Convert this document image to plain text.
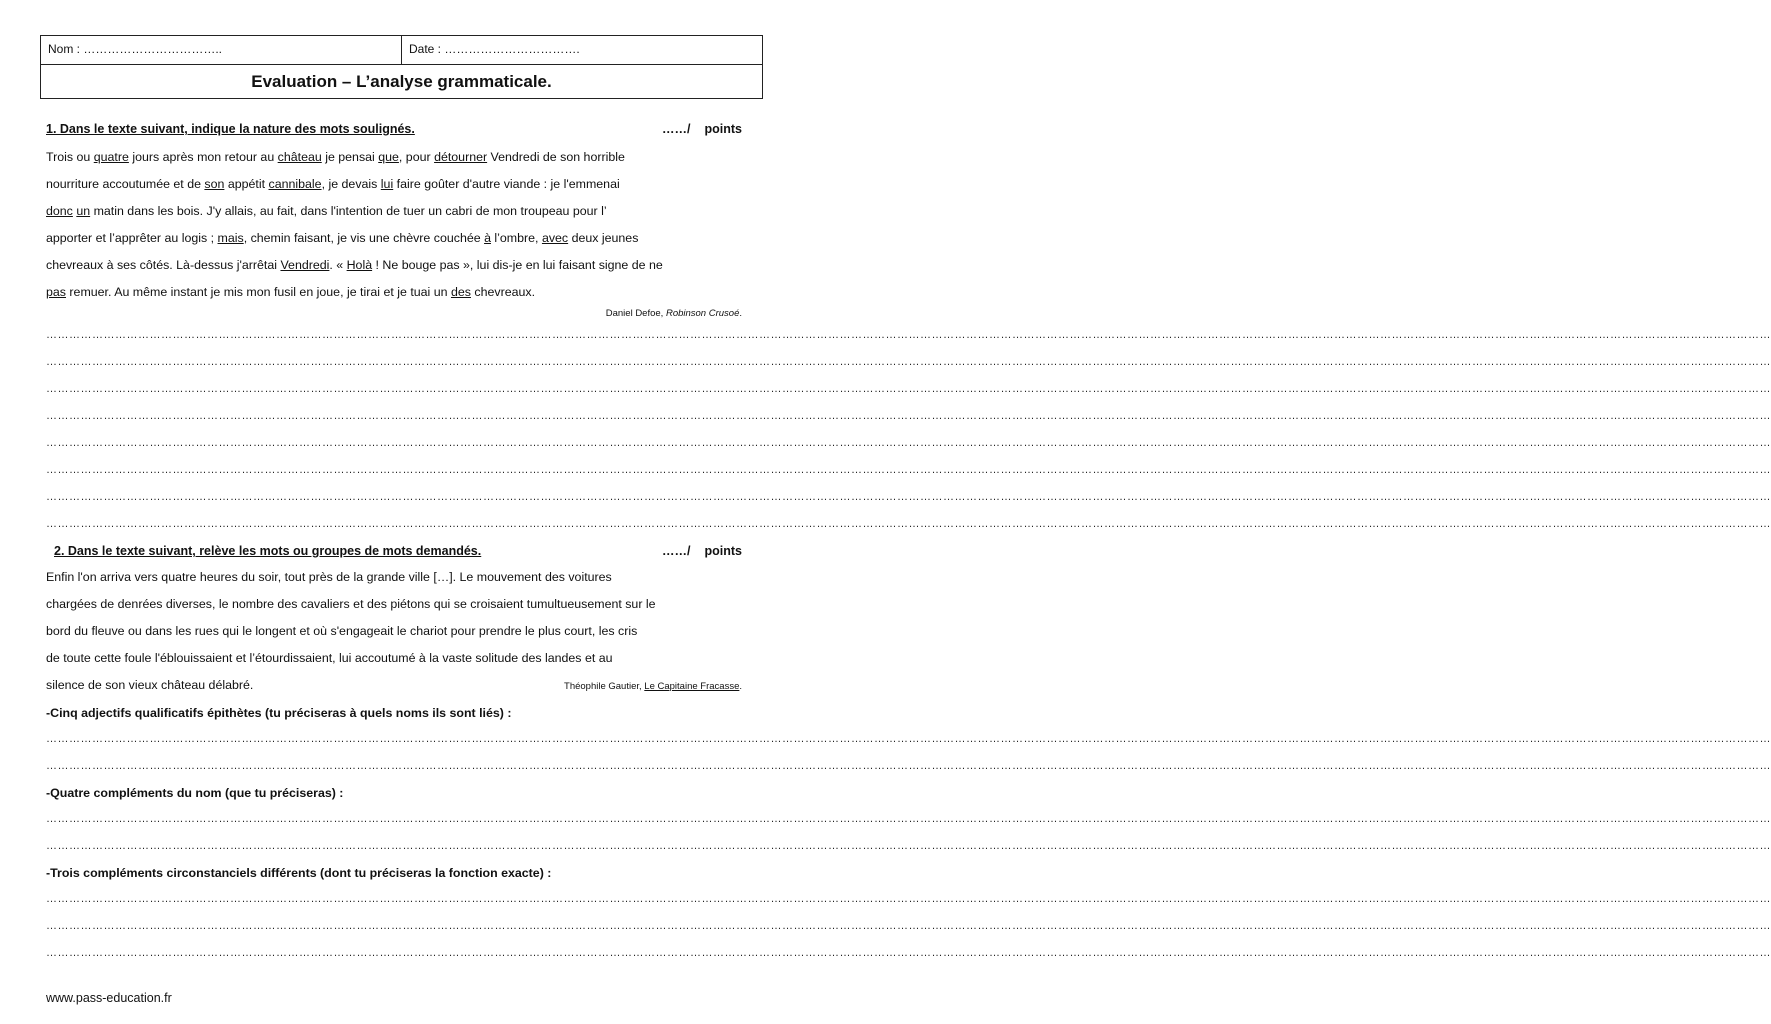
Nom : ……………………………..	Date : …………………………….
Evaluation – L’analyse grammaticale.
1. Dans le texte suivant, indique la nature des mots soulignés.	……/ points
Trois ou quatre jours après mon retour au château je pensai que, pour détourner Vendredi de son horrible
nourriture accoutumée et de son appétit cannibale, je devais lui faire goûter d'autre viande : je l'emmenai
donc un matin dans les bois. J'y allais, au fait, dans l'intention de tuer un cabri de mon troupeau pour l’
apporter et l’apprêter au logis ; mais, chemin faisant, je vis une chèvre couchée à l’ombre, avec deux jeunes
chevreaux à ses côtés. Là-dessus j'arrêtai Vendredi. « Holà ! Ne bouge pas », lui dis-je en lui faisant signe de ne
pas remuer. Au même instant je mis mon fusil en joue, je tirai et je tuai un des chevreaux.
Daniel Defoe, Robinson Crusoé.
………………………………………………………………………………………………………………………………………………………………………………………………………………………………………………………………………………………………………………………………………………………………………………………………………………
………………………………………………………………………………………………………………………………………………………………………………………………………………………………………………………………………………………………………………………………………………………………………………………………………………
………………………………………………………………………………………………………………………………………………………………………………………………………………………………………………………………………………………………………………………………………………………………………………………………………………
………………………………………………………………………………………………………………………………………………………………………………………………………………………………………………………………………………………………………………………………………………………………………………………………………………
………………………………………………………………………………………………………………………………………………………………………………………………………………………………………………………………………………………………………………………………………………………………………………………………………………
………………………………………………………………………………………………………………………………………………………………………………………………………………………………………………………………………………………………………………………………………………………………………………………………………………
………………………………………………………………………………………………………………………………………………………………………………………………………………………………………………………………………………………………………………………………………………………………………………………………………………
………………………………………………………………………………………………………………………………………………………………………………………………………………………………………………………………………………………………………………………………………………………………………………………………………………
2. Dans le texte suivant, relève les mots ou groupes de mots demandés.	……/ points
Enfin l'on arriva vers quatre heures du soir, tout près de la grande ville […]. Le mouvement des voitures
chargées de denrées diverses, le nombre des cavaliers et des piétons qui se croisaient tumultueusement sur le
bord du fleuve ou dans les rues qui le longent et où s'engageait le chariot pour prendre le plus court, les cris
de toute cette foule l'éblouissaient et l’étourdissaient, lui accoutumé à la vaste solitude des landes et au
silence de son vieux château délabré.	Théophile Gautier, Le Capitaine Fracasse.
-Cinq adjectifs qualificatifs épithètes (tu préciseras à quels noms ils sont liés) :
………………………………………………………………………………………………………………………………………………………………………………………………………………………………………………………………………………………………………………………………………………………………………………………………………………
………………………………………………………………………………………………………………………………………………………………………………………………………………………………………………………………………………………………………………………………………………………………………………………………………………
-Quatre compléments du nom (que tu préciseras) :
………………………………………………………………………………………………………………………………………………………………………………………………………………………………………………………………………………………………………………………………………………………………………………………………………………
………………………………………………………………………………………………………………………………………………………………………………………………………………………………………………………………………………………………………………………………………………………………………………………………………………
-Trois compléments circonstanciels différents (dont tu préciseras la fonction exacte) :
………………………………………………………………………………………………………………………………………………………………………………………………………………………………………………………………………………………………………………………………………………………………………………………………………………
………………………………………………………………………………………………………………………………………………………………………………………………………………………………………………………………………………………………………………………………………………………………………………………………………………
………………………………………………………………………………………………………………………………………………………………………………………………………………………………………………………………………………………………………………………………………………………………………………………………………………
www.pass-education.fr
